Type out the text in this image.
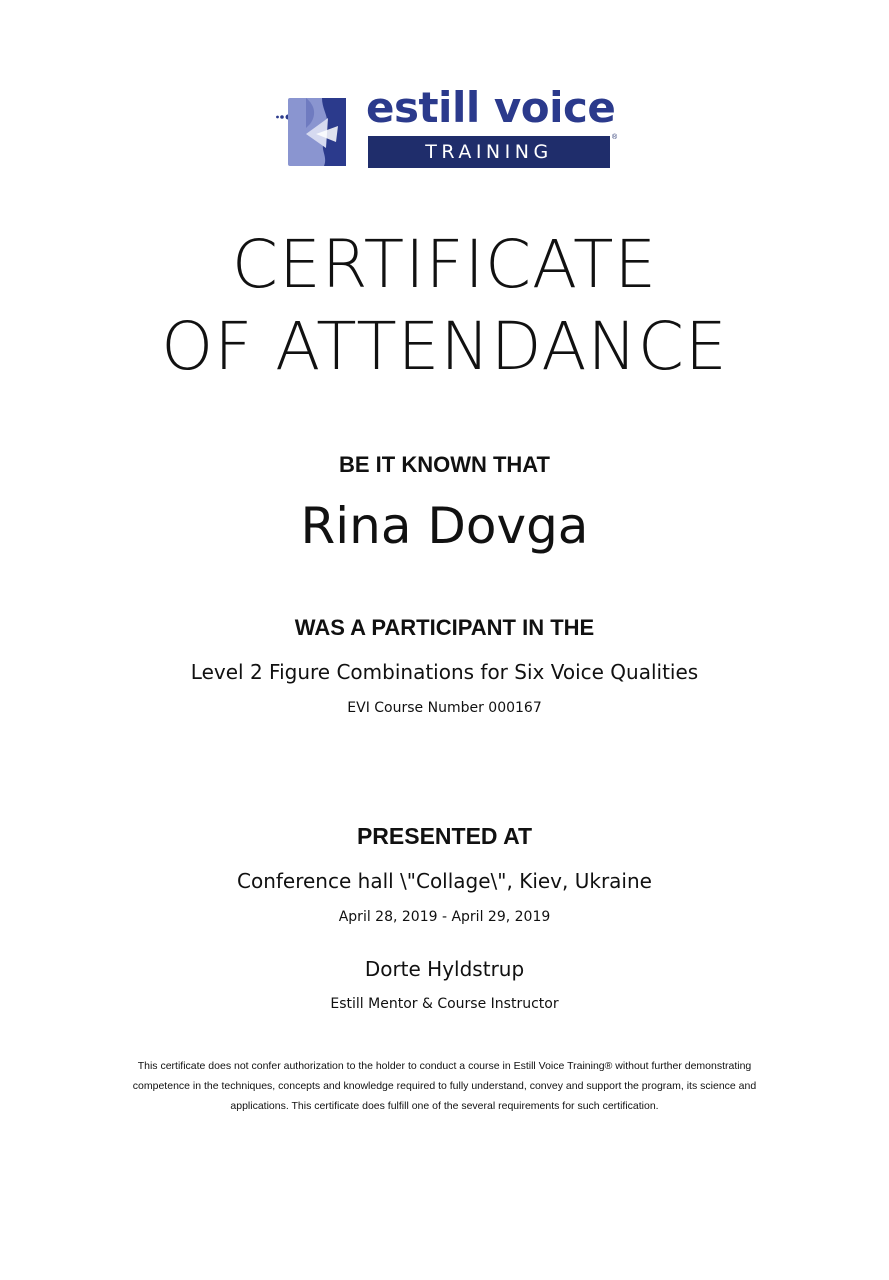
estill voice
TRAINING
®
CERTIFICATE
OF ATTENDANCE
BE IT KNOWN THAT
Rina Dovga
WAS A PARTICIPANT IN THE
Level 2 Figure Combinations for Six Voice Qualities
EVI Course Number 000167
PRESENTED AT
Conference hall \"Collage\", Kiev, Ukraine
April 28, 2019 - April 29, 2019
Dorte Hyldstrup
Estill Mentor & Course Instructor
This certificate does not confer authorization to the holder to conduct a course in Estill Voice Training® without further demonstrating competence in the techniques, concepts and knowledge required to fully understand, convey and support the program, its science and applications. This certificate does fulfill one of the several requirements for such certification.
